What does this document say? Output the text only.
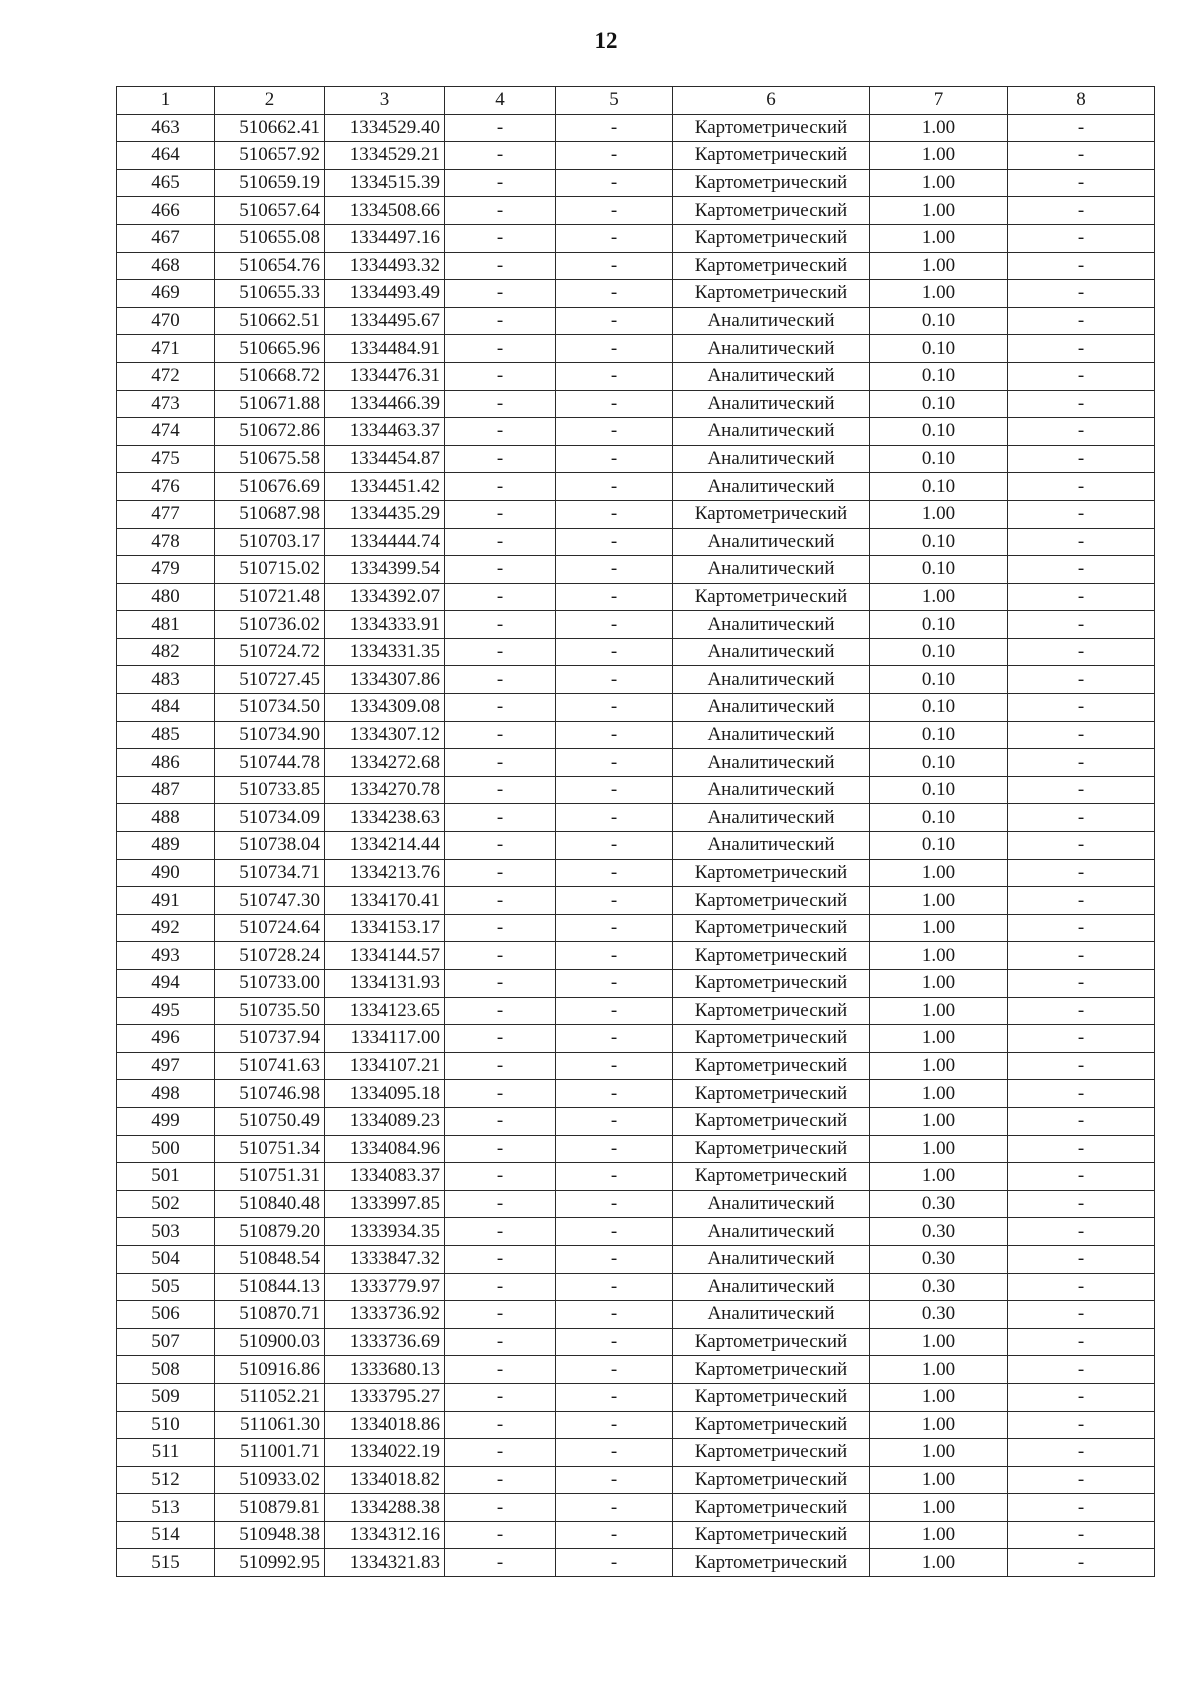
12
1	2	3	4	5	6	7	8
463	510662.41	1334529.40	-	-	Картометрический	1.00	-
464	510657.92	1334529.21	-	-	Картометрический	1.00	-
465	510659.19	1334515.39	-	-	Картометрический	1.00	-
466	510657.64	1334508.66	-	-	Картометрический	1.00	-
467	510655.08	1334497.16	-	-	Картометрический	1.00	-
468	510654.76	1334493.32	-	-	Картометрический	1.00	-
469	510655.33	1334493.49	-	-	Картометрический	1.00	-
470	510662.51	1334495.67	-	-	Аналитический	0.10	-
471	510665.96	1334484.91	-	-	Аналитический	0.10	-
472	510668.72	1334476.31	-	-	Аналитический	0.10	-
473	510671.88	1334466.39	-	-	Аналитический	0.10	-
474	510672.86	1334463.37	-	-	Аналитический	0.10	-
475	510675.58	1334454.87	-	-	Аналитический	0.10	-
476	510676.69	1334451.42	-	-	Аналитический	0.10	-
477	510687.98	1334435.29	-	-	Картометрический	1.00	-
478	510703.17	1334444.74	-	-	Аналитический	0.10	-
479	510715.02	1334399.54	-	-	Аналитический	0.10	-
480	510721.48	1334392.07	-	-	Картометрический	1.00	-
481	510736.02	1334333.91	-	-	Аналитический	0.10	-
482	510724.72	1334331.35	-	-	Аналитический	0.10	-
483	510727.45	1334307.86	-	-	Аналитический	0.10	-
484	510734.50	1334309.08	-	-	Аналитический	0.10	-
485	510734.90	1334307.12	-	-	Аналитический	0.10	-
486	510744.78	1334272.68	-	-	Аналитический	0.10	-
487	510733.85	1334270.78	-	-	Аналитический	0.10	-
488	510734.09	1334238.63	-	-	Аналитический	0.10	-
489	510738.04	1334214.44	-	-	Аналитический	0.10	-
490	510734.71	1334213.76	-	-	Картометрический	1.00	-
491	510747.30	1334170.41	-	-	Картометрический	1.00	-
492	510724.64	1334153.17	-	-	Картометрический	1.00	-
493	510728.24	1334144.57	-	-	Картометрический	1.00	-
494	510733.00	1334131.93	-	-	Картометрический	1.00	-
495	510735.50	1334123.65	-	-	Картометрический	1.00	-
496	510737.94	1334117.00	-	-	Картометрический	1.00	-
497	510741.63	1334107.21	-	-	Картометрический	1.00	-
498	510746.98	1334095.18	-	-	Картометрический	1.00	-
499	510750.49	1334089.23	-	-	Картометрический	1.00	-
500	510751.34	1334084.96	-	-	Картометрический	1.00	-
501	510751.31	1334083.37	-	-	Картометрический	1.00	-
502	510840.48	1333997.85	-	-	Аналитический	0.30	-
503	510879.20	1333934.35	-	-	Аналитический	0.30	-
504	510848.54	1333847.32	-	-	Аналитический	0.30	-
505	510844.13	1333779.97	-	-	Аналитический	0.30	-
506	510870.71	1333736.92	-	-	Аналитический	0.30	-
507	510900.03	1333736.69	-	-	Картометрический	1.00	-
508	510916.86	1333680.13	-	-	Картометрический	1.00	-
509	511052.21	1333795.27	-	-	Картометрический	1.00	-
510	511061.30	1334018.86	-	-	Картометрический	1.00	-
511	511001.71	1334022.19	-	-	Картометрический	1.00	-
512	510933.02	1334018.82	-	-	Картометрический	1.00	-
513	510879.81	1334288.38	-	-	Картометрический	1.00	-
514	510948.38	1334312.16	-	-	Картометрический	1.00	-
515	510992.95	1334321.83	-	-	Картометрический	1.00	-
